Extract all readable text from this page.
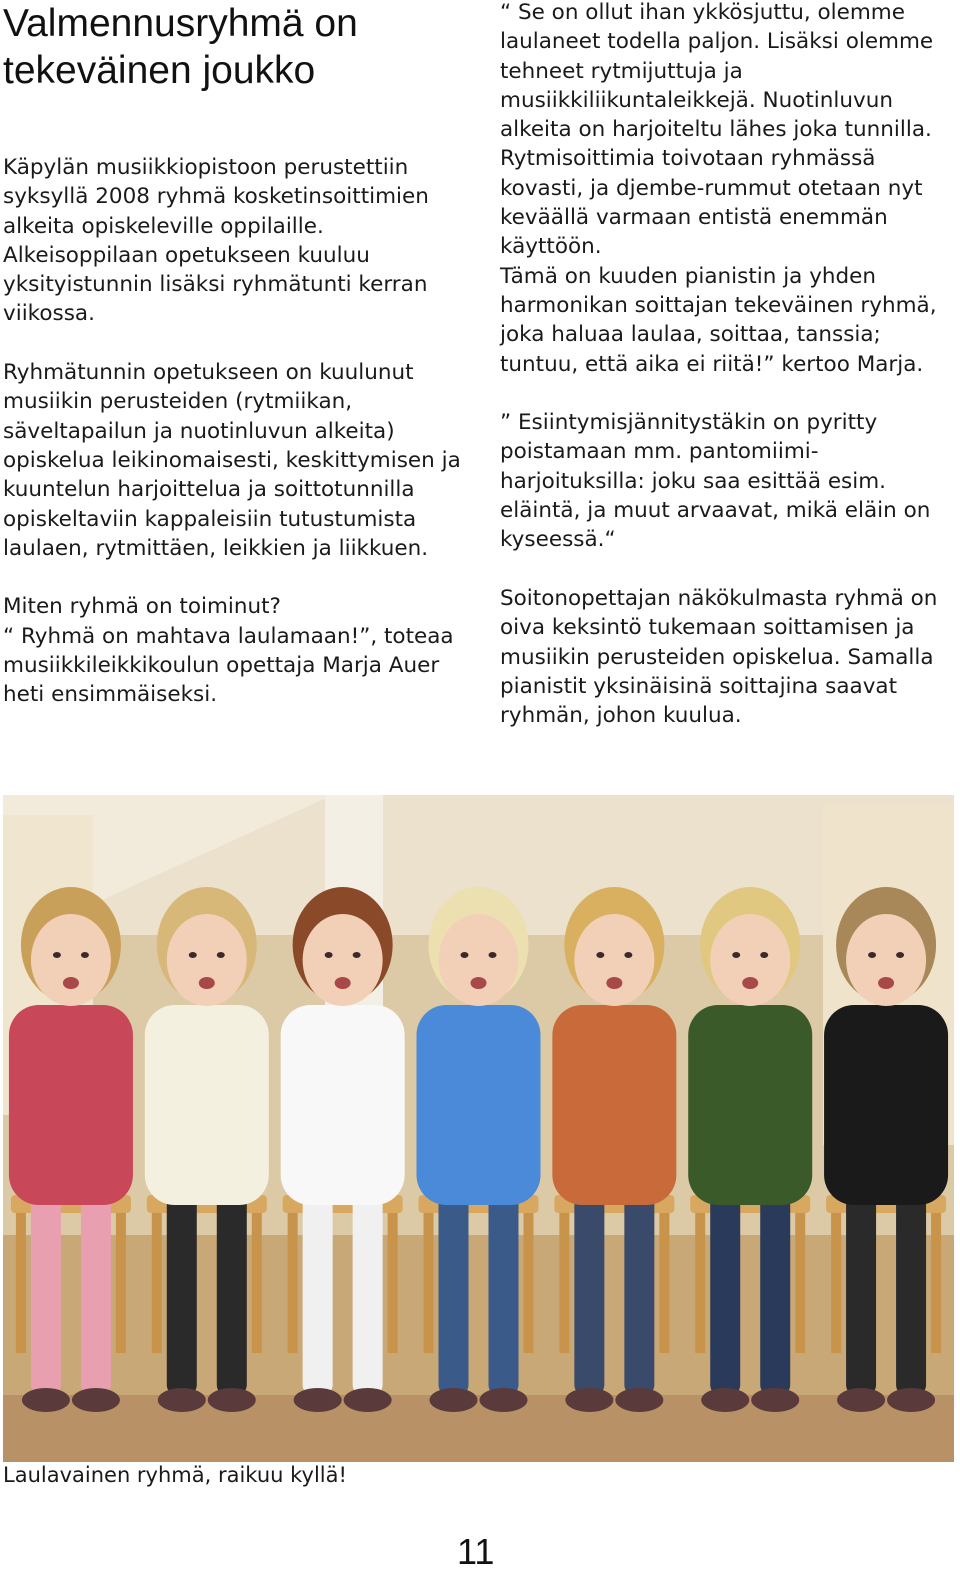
Valmennusryhmä on tekeväinen joukko

Käpylän musiikkiopistoon perustettiin syksyllä 2008 ryhmä kosketinsoittimien alkeita opiskeleville oppilaille. Alkeisoppilaan opetukseen kuuluu yksityistunnin lisäksi ryhmätunti kerran viikossa.

Ryhmätunnin opetukseen on kuulunut musiikin perusteiden (rytmiikan, säveltapailun ja nuotinluvun alkeita) opiskelua leikinomaisesti, keskittymisen ja kuuntelun harjoittelua ja soittotunnilla opiskeltaviin kappaleisiin tutustumista laulaen, rytmittäen, leikkien ja liikkuen.

Miten ryhmä on toiminut?

“ Ryhmä on mahtava laulamaan!”, toteaa musiikkileikkikoulun opettaja Marja Auer heti ensimmäiseksi.

“ Se on ollut ihan ykkösjuttu, olemme laulaneet todella paljon. Lisäksi olemme tehneet rytmijuttuja ja musiikkiliikuntaleikkejä. Nuotinluvun alkeita on harjoiteltu lähes joka tunnilla. Rytmisoittimia toivotaan ryhmässä kovasti, ja djembe-rummut otetaan nyt keväällä varmaan entistä enemmän käyttöön.

Tämä on kuuden pianistin ja yhden harmonikan soittajan tekeväinen ryhmä, joka haluaa laulaa, soittaa, tanssia; tuntuu, että aika ei riitä!” kertoo Marja.

” Esiintymisjännitystäkin on pyritty poistamaan mm. pantomiimi-harjoituksilla: joku saa esittää esim. eläintä, ja muut arvaavat, mikä eläin on kyseessä.“

Soitonopettajan näkökulmasta ryhmä on oiva keksintö tukemaan soittamisen ja musiikin perusteiden opiskelua. Samalla pianistit yksinäisinä soittajina saavat ryhmän, johon kuulua.

Laulavainen ryhmä, raikuu kyllä!

11
